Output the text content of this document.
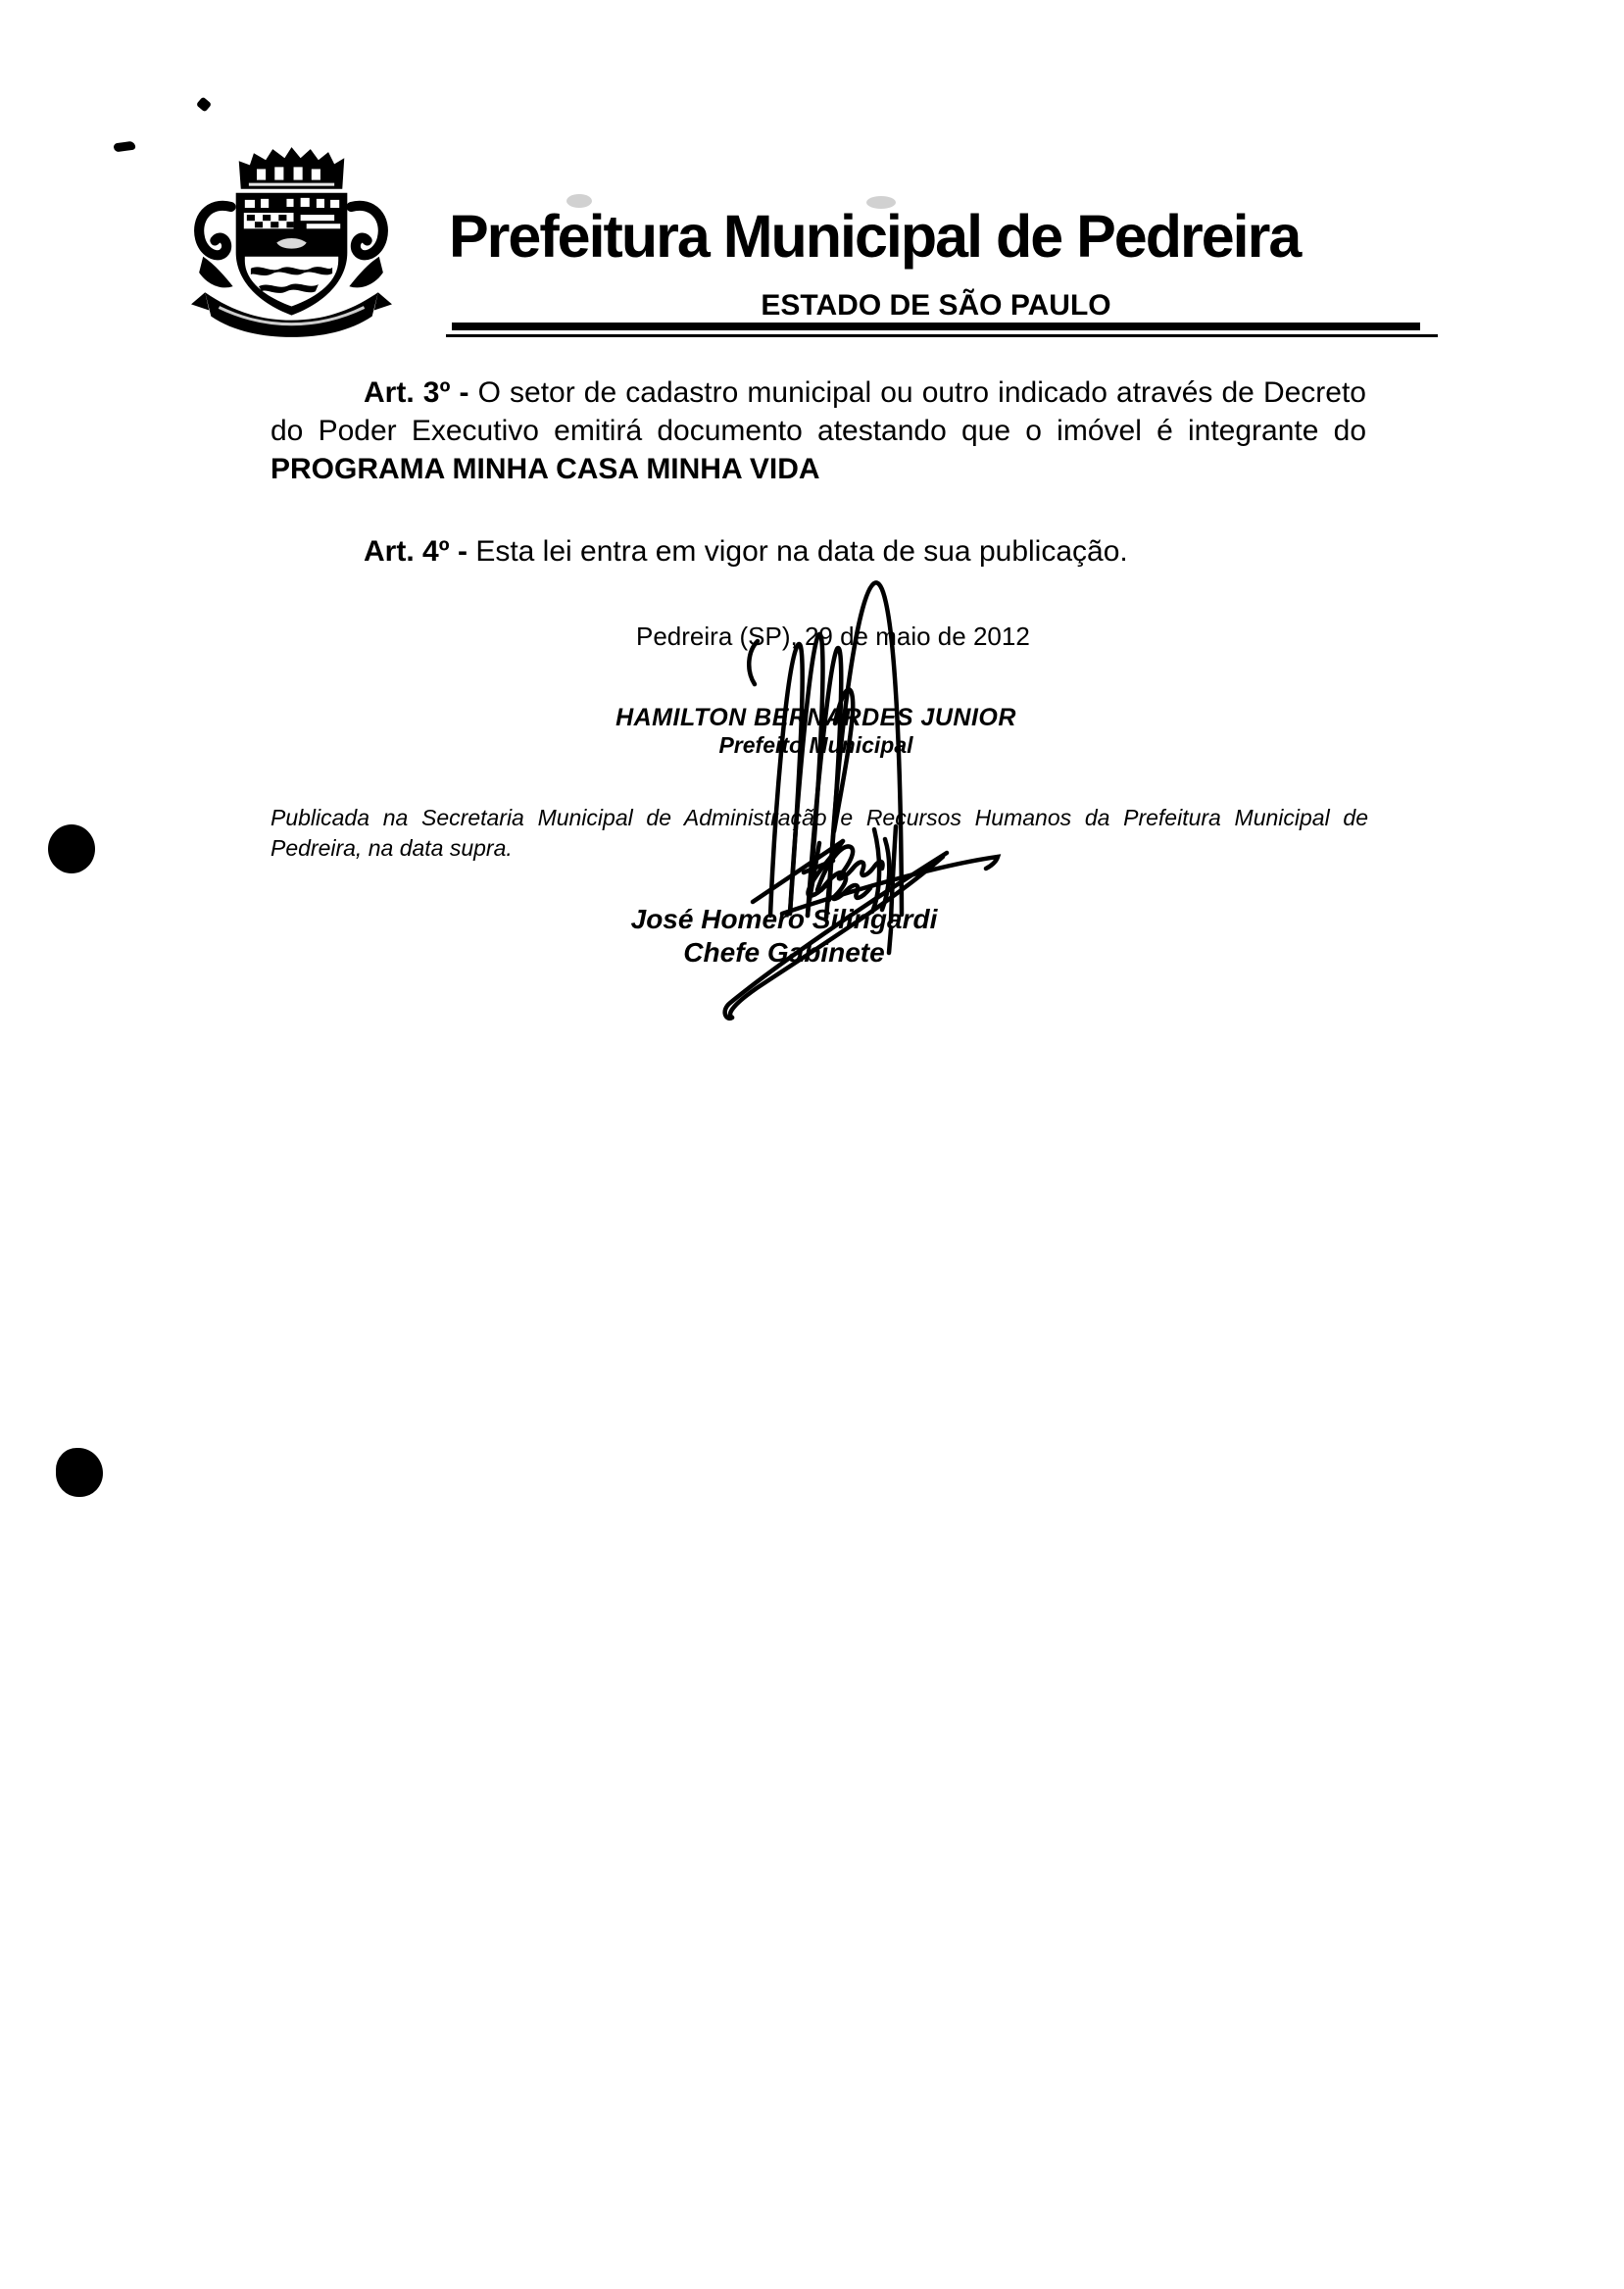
Prefeitura Municipal de Pedreira
ESTADO DE SÃO PAULO
Art. 3º - O setor de cadastro municipal ou outro indicado através de Decreto do Poder Executivo emitirá documento atestando que o imóvel é integrante do PROGRAMA MINHA CASA MINHA VIDA
Art. 4º - Esta lei entra em vigor na data de sua publicação.
Pedreira (SP), 29 de maio de 2012
HAMILTON BERNARDES JUNIOR
Prefeito Municipal
Publicada na Secretaria Municipal de Administração e Recursos Humanos da Prefeitura Municipal de Pedreira, na data supra.
José Homero Silingardi
Chefe Gabinete
